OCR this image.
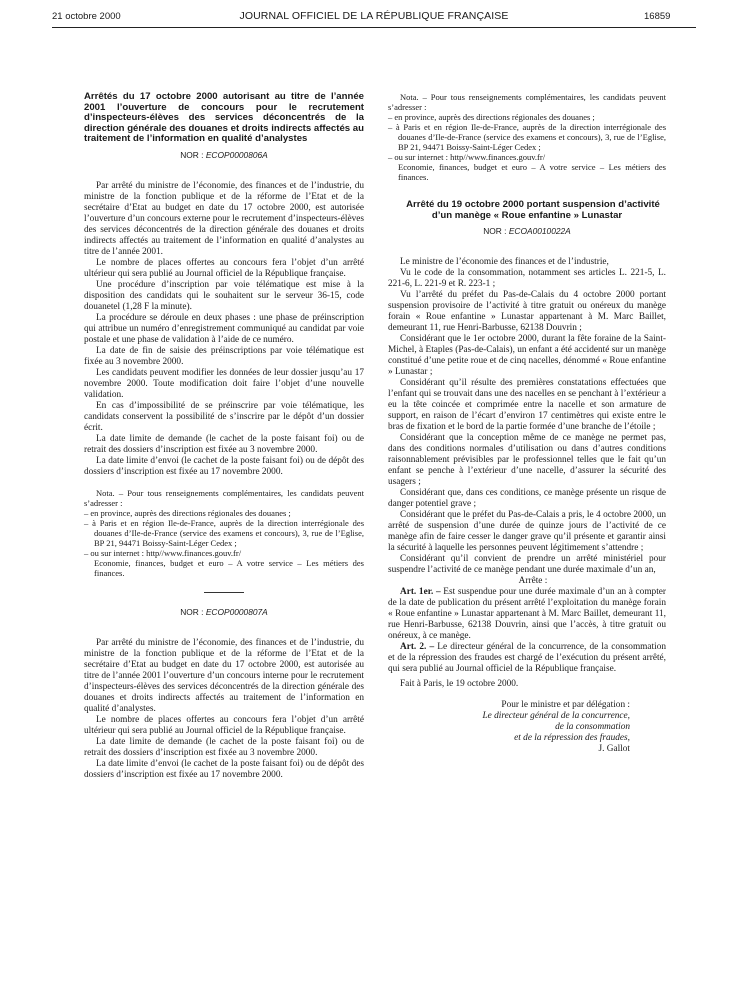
21 octobre 2000	JOURNAL OFFICIEL DE LA RÉPUBLIQUE FRANÇAISE	16859

Arrêtés du 17 octobre 2000 autorisant au titre de l’année 2001 l’ouverture de concours pour le recrutement d’inspecteurs-élèves des services déconcentrés de la direction générale des douanes et droits indirects affectés au traitement de l’information en qualité d’analystes

NOR : ECOP0000806A

Par arrêté du ministre de l’économie, des finances et de l’industrie, du ministre de la fonction publique et de la réforme de l’Etat et de la secrétaire d’Etat au budget en date du 17 octobre 2000, est autorisée l’ouverture d’un concours externe pour le recrutement d’inspecteurs-élèves des services déconcentrés de la direction générale des douanes et droits indirects affectés au traitement de l’information en qualité d’analystes au titre de l’année 2001.

Le nombre de places offertes au concours fera l’objet d’un arrêté ultérieur qui sera publié au Journal officiel de la République française.

Une procédure d’inscription par voie télématique est mise à la disposition des candidats qui le souhaitent sur le serveur 36-15, code douanetel (1,28 F la minute).

La procédure se déroule en deux phases : une phase de préinscription qui attribue un numéro d’enregistrement communiqué au candidat par voie postale et une phase de validation à l’aide de ce numéro.

La date de fin de saisie des préinscriptions par voie télématique est fixée au 3 novembre 2000.

Les candidats peuvent modifier les données de leur dossier jusqu’au 17 novembre 2000. Toute modification doit faire l’objet d’une nouvelle validation.

En cas d’impossibilité de se préinscrire par voie télématique, les candidats conservent la possibilité de s’inscrire par le dépôt d’un dossier écrit.

La date limite de demande (le cachet de la poste faisant foi) ou de retrait des dossiers d’inscription est fixée au 3 novembre 2000.

La date limite d’envoi (le cachet de la poste faisant foi) ou de dépôt des dossiers d’inscription est fixée au 17 novembre 2000.

Nota. – Pour tous renseignements complémentaires, les candidats peuvent s’adresser :

– en province, auprès des directions régionales des douanes ;

– à Paris et en région Ile-de-France, auprès de la direction interrégionale des douanes d’Ile-de-France (service des examens et concours), 3, rue de l’Eglise, BP 21, 94471 Boissy-Saint-Léger Cedex ;

– ou sur internet : http//www.finances.gouv.fr/

Economie, finances, budget et euro – A votre service – Les métiers des finances.

NOR : ECOP0000807A

Par arrêté du ministre de l’économie, des finances et de l’industrie, du ministre de la fonction publique et de la réforme de l’Etat et de la secrétaire d’Etat au budget en date du 17 octobre 2000, est autorisée au titre de l’année 2001 l’ouverture d’un concours interne pour le recrutement d’inspecteurs-élèves des services déconcentrés de la direction générale des douanes et droits indirects affectés au traitement de l’information en qualité d’analystes.

Le nombre de places offertes au concours fera l’objet d’un arrêté ultérieur qui sera publié au Journal officiel de la République française.

La date limite de demande (le cachet de la poste faisant foi) ou de retrait des dossiers d’inscription est fixée au 3 novembre 2000.

La date limite d’envoi (le cachet de la poste faisant foi) ou de dépôt des dossiers d’inscription est fixée au 17 novembre 2000.

Nota. – Pour tous renseignements complémentaires, les candidats peuvent s’adresser :

– en province, auprès des directions régionales des douanes ;

– à Paris et en région Ile-de-France, auprès de la direction interrégionale des douanes d’Ile-de-France (service des examens et concours), 3, rue de l’Eglise, BP 21, 94471 Boissy-Saint-Léger Cedex ;

– ou sur internet : http//www.finances.gouv.fr/

Economie, finances, budget et euro – A votre service – Les métiers des finances.

Arrêté du 19 octobre 2000 portant suspension d’activité d’un manège « Roue enfantine » Lunastar

NOR : ECOA0010022A

Le ministre de l’économie des finances et de l’industrie,

Vu le code de la consommation, notamment ses articles L. 221-5, L. 221-6, L. 221-9 et R. 223-1 ;

Vu l’arrêté du préfet du Pas-de-Calais du 4 octobre 2000 portant suspension provisoire de l’activité à titre gratuit ou onéreux du manège forain « Roue enfantine » Lunastar appartenant à M. Marc Baillet, demeurant 11, rue Henri-Barbusse, 62138 Douvrin ;

Considérant que le 1er octobre 2000, durant la fête foraine de la Saint-Michel, à Etaples (Pas-de-Calais), un enfant a été accidenté sur un manège constitué d’une petite roue et de cinq nacelles, dénommé « Roue enfantine » Lunastar ;

Considérant qu’il résulte des premières constatations effectuées que l’enfant qui se trouvait dans une des nacelles en se penchant à l’extérieur a eu la tête coincée et comprimée entre la nacelle et son armature de support, en raison de l’écart d’environ 17 centimètres qui existe entre le bras de fixation et le bord de la partie formée d’une branche de l’étoile ;

Considérant que la conception même de ce manège ne permet pas, dans des conditions normales d’utilisation ou dans d’autres conditions raisonnablement prévisibles par le professionnel telles que le fait qu’un enfant se penche à l’extérieur d’une nacelle, d’assurer la sécurité des usagers ;

Considérant que, dans ces conditions, ce manège présente un risque de danger potentiel grave ;

Considérant que le préfet du Pas-de-Calais a pris, le 4 octobre 2000, un arrêté de suspension d’une durée de quinze jours de l’activité de ce manège afin de faire cesser le danger grave qu’il présente et garantir ainsi la sécurité à laquelle les personnes peuvent légitimement s’attendre ;

Considérant qu’il convient de prendre un arrêté ministériel pour suspendre l’activité de ce manège pendant une durée maximale d’un an,

Arrête :

Art. 1er. – Est suspendue pour une durée maximale d’un an à compter de la date de publication du présent arrêté l’exploitation du manège forain « Roue enfantine » Lunastar appartenant à M. Marc Baillet, demeurant 11, rue Henri-Barbusse, 62138 Douvrin, ainsi que l’accès, à titre gratuit ou onéreux, à ce manège.

Art. 2. – Le directeur général de la concurrence, de la consommation et de la répression des fraudes est chargé de l’exécution du présent arrêté, qui sera publié au Journal officiel de la République française.

Fait à Paris, le 19 octobre 2000.

Pour le ministre et par délégation :
Le directeur général de la concurrence,
de la consommation
et de la répression des fraudes,
J. Gallot
